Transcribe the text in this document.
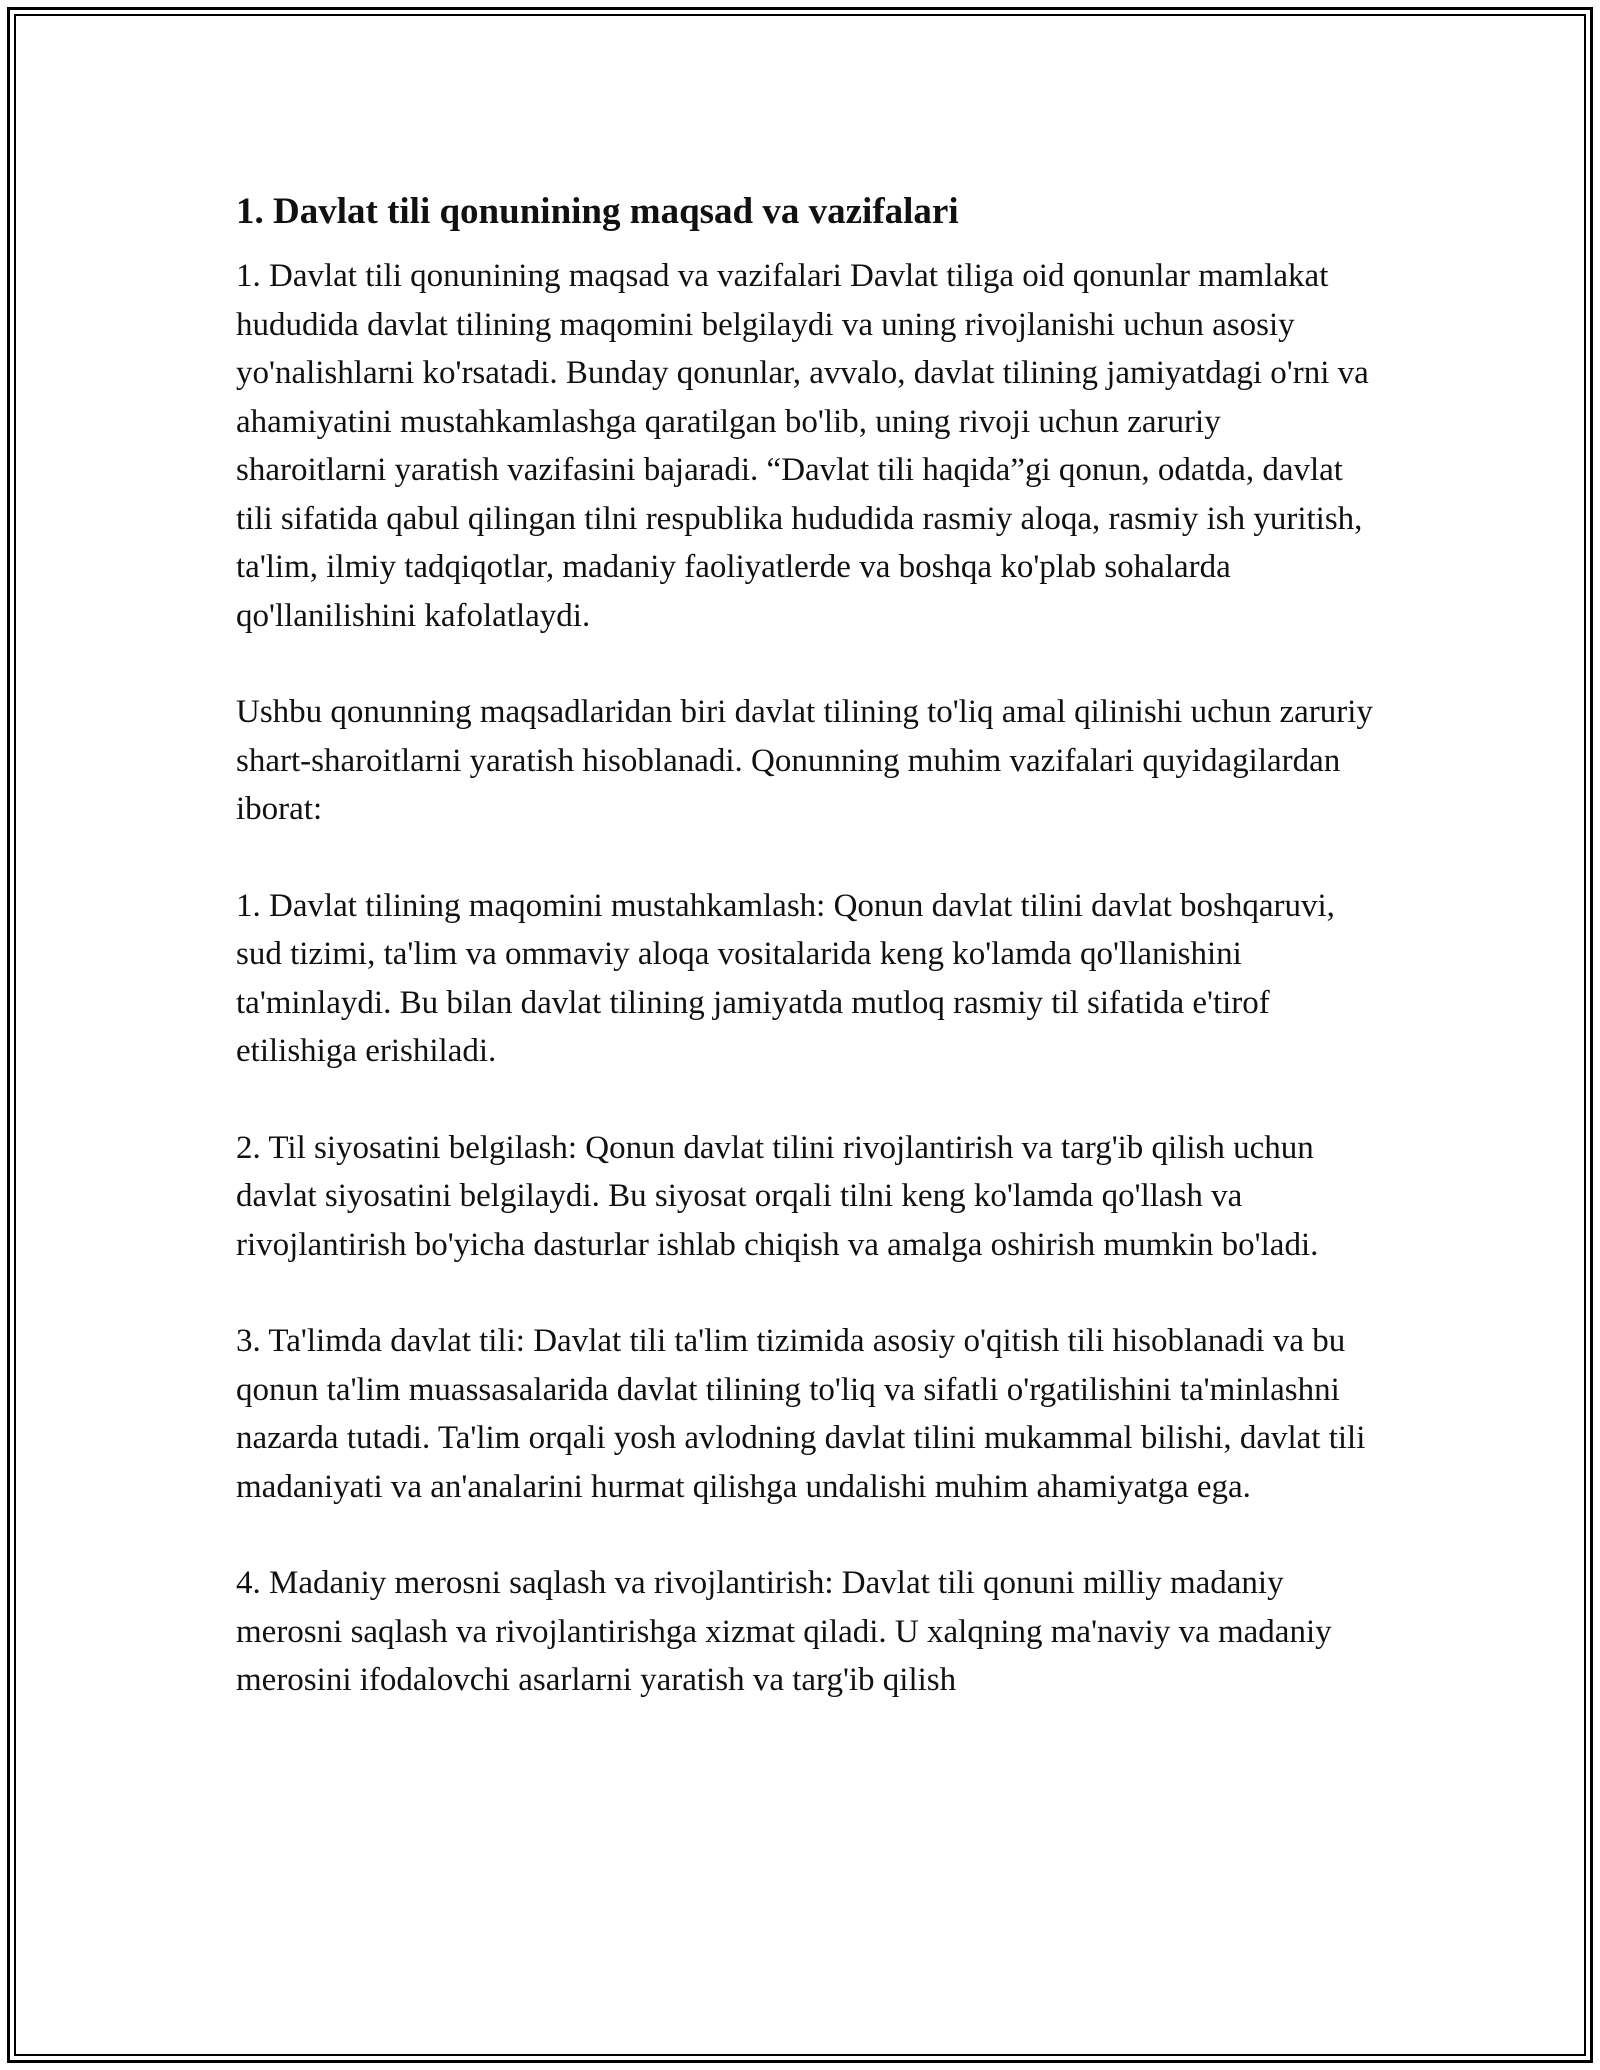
1. Davlat tili qonunining maqsad va vazifalari

1. Davlat tili qonunining maqsad va vazifalari Davlat tiliga oid qonunlar mamlakat hududida davlat tilining maqomini belgilaydi va uning rivojlanishi uchun asosiy yo'nalishlarni ko'rsatadi. Bunday qonunlar, avvalo, davlat tilining jamiyatdagi o'rni va ahamiyatini mustahkamlashga qaratilgan bo'lib, uning rivoji uchun zaruriy sharoitlarni yaratish vazifasini bajaradi. “Davlat tili haqida”gi qonun, odatda, davlat tili sifatida qabul qilingan tilni respublika hududida rasmiy aloqa, rasmiy ish yuritish, ta'lim, ilmiy tadqiqotlar, madaniy faoliyatlerde va boshqa ko'plab sohalarda qo'llanilishini kafolatlaydi.

Ushbu qonunning maqsadlaridan biri davlat tilining to'liq amal qilinishi uchun zaruriy shart-sharoitlarni yaratish hisoblanadi. Qonunning muhim vazifalari quyidagilardan iborat:

1. Davlat tilining maqomini mustahkamlash: Qonun davlat tilini davlat boshqaruvi, sud tizimi, ta'lim va ommaviy aloqa vositalarida keng ko'lamda qo'llanishini ta'minlaydi. Bu bilan davlat tilining jamiyatda mutloq rasmiy til sifatida e'tirof etilishiga erishiladi.

2. Til siyosatini belgilash: Qonun davlat tilini rivojlantirish va targ'ib qilish uchun davlat siyosatini belgilaydi. Bu siyosat orqali tilni keng ko'lamda qo'llash va rivojlantirish bo'yicha dasturlar ishlab chiqish va amalga oshirish mumkin bo'ladi.

3. Ta'limda davlat tili: Davlat tili ta'lim tizimida asosiy o'qitish tili hisoblanadi va bu qonun ta'lim muassasalarida davlat tilining to'liq va sifatli o'rgatilishini ta'minlashni nazarda tutadi. Ta'lim orqali yosh avlodning davlat tilini mukammal bilishi, davlat tili madaniyati va an'analarini hurmat qilishga undalishi muhim ahamiyatga ega.

4. Madaniy merosni saqlash va rivojlantirish: Davlat tili qonuni milliy madaniy merosni saqlash va rivojlantirishga xizmat qiladi. U xalqning ma'naviy va madaniy merosini ifodalovchi asarlarni yaratish va targ'ib qilish
